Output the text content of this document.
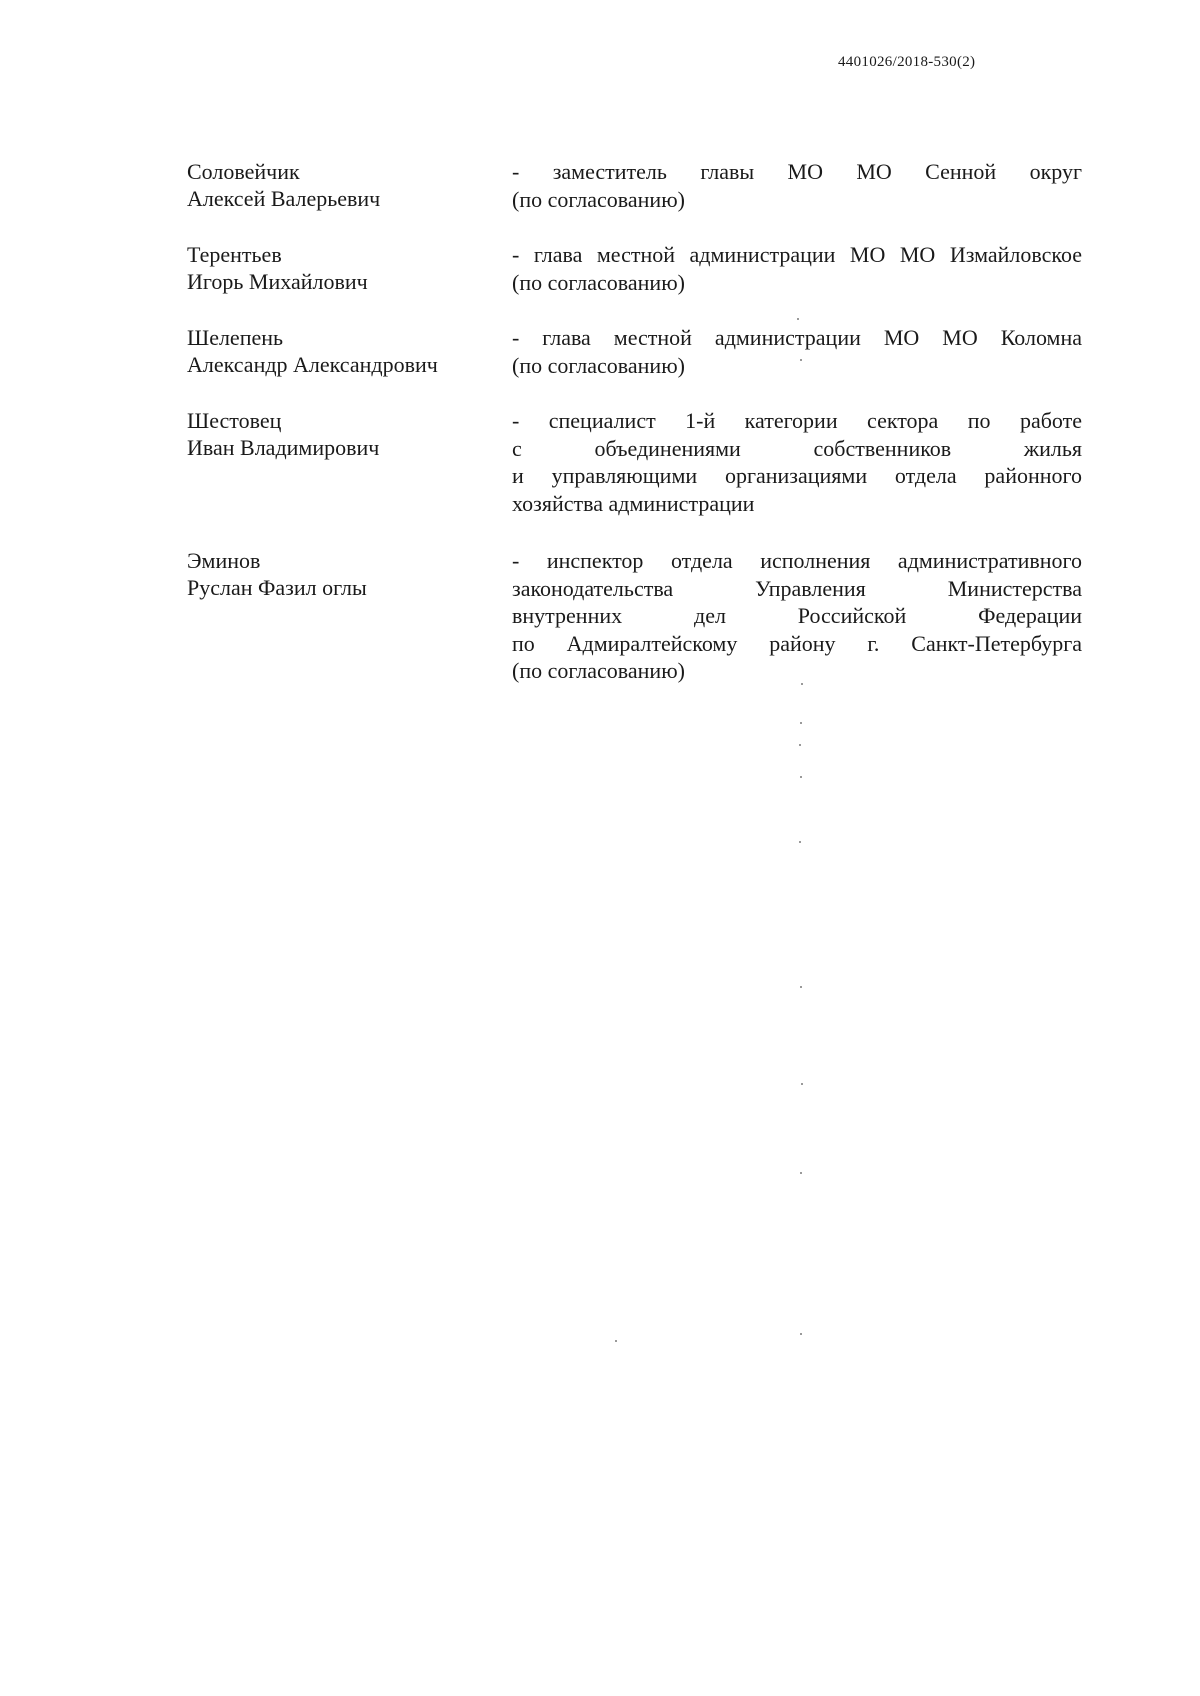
4401026/2018-530(2)
Соловейчик
Алексей Валерьевич
- заместитель главы МО МО Сенной округ
(по согласованию)
Терентьев
Игорь Михайлович
- глава местной администрации МО МО Измайловское
(по согласованию)
Шелепень
Александр Александрович
- глава местной администрации МО МО Коломна
(по согласованию)
Шестовец
Иван Владимирович
- специалист 1-й категории сектора по работе
с объединениями собственников жилья
и управляющими организациями отдела районного
хозяйства администрации
Эминов
Руслан Фазил оглы
- инспектор отдела исполнения административного
законодательства Управления Министерства
внутренних дел Российской Федерации
по Адмиралтейскому району г. Санкт-Петербурга
(по согласованию)
